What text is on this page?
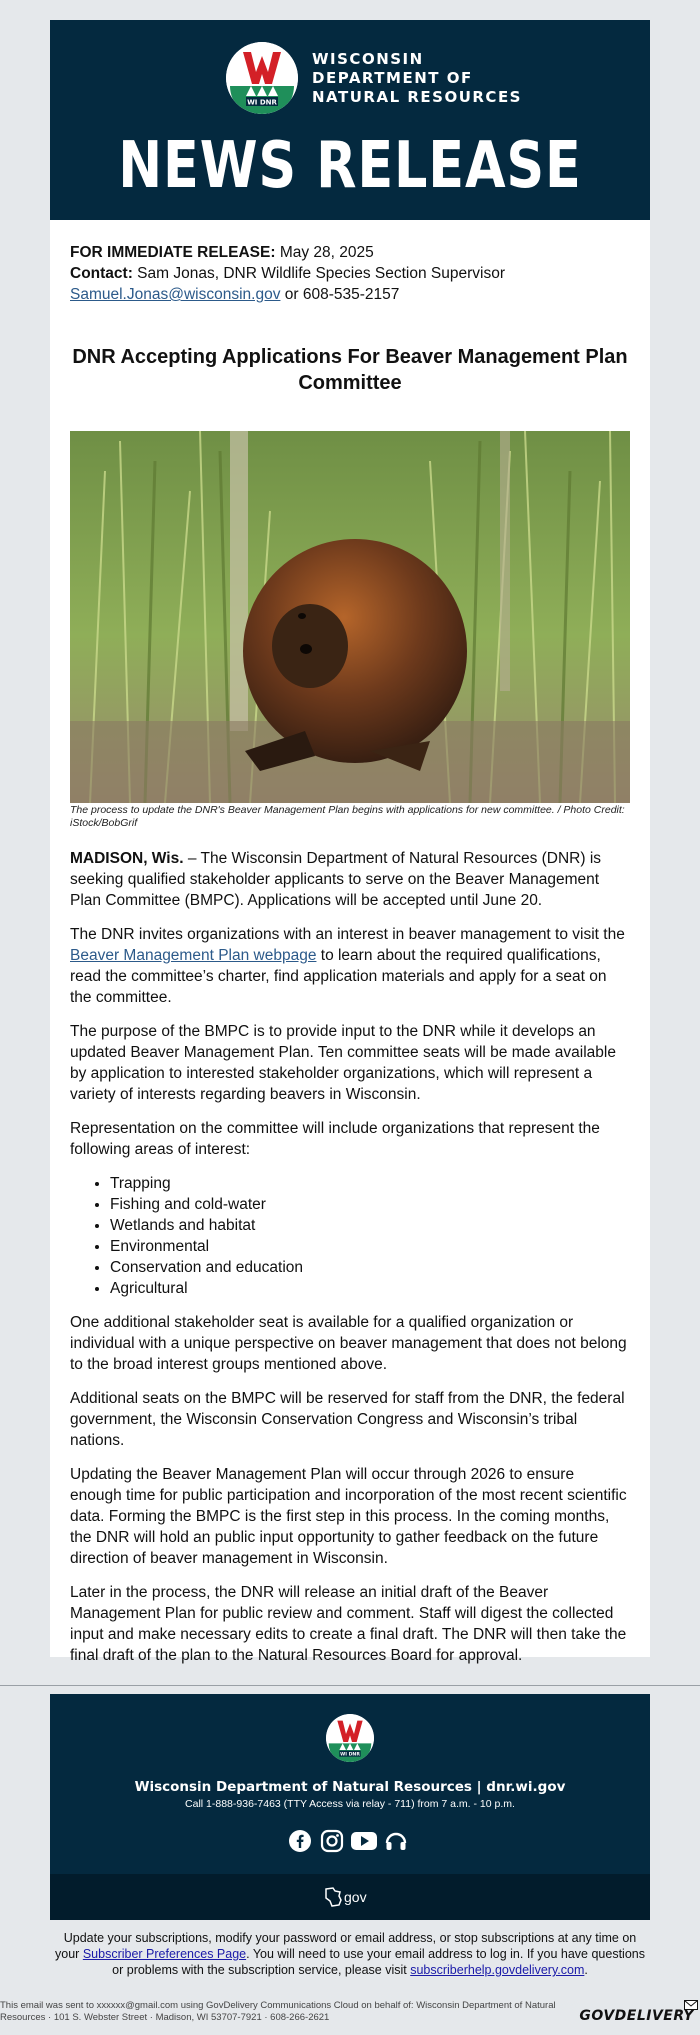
WI DNR
WISCONSIN
DEPARTMENT OF
NATURAL RESOURCES
NEWS RELEASE
FOR IMMEDIATE RELEASE: May 28, 2025
Contact: Sam Jonas, DNR Wildlife Species Section Supervisor
Samuel.Jonas@wisconsin.gov or 608-535-2157
DNR Accepting Applications For Beaver Management Plan Committee
The process to update the DNR's Beaver Management Plan begins with applications for new committee. / Photo Credit: iStock/BobGrif

MADISON, Wis. – The Wisconsin Department of Natural Resources (DNR) is seeking qualified stakeholder applicants to serve on the Beaver Management Plan Committee (BMPC). Applications will be accepted until June 20.

The DNR invites organizations with an interest in beaver management to visit the Beaver Management Plan webpage to learn about the required qualifications, read the committee’s charter, find application materials and apply for a seat on the committee.

The purpose of the BMPC is to provide input to the DNR while it develops an updated Beaver Management Plan. Ten committee seats will be made available by application to interested stakeholder organizations, which will represent a variety of interests regarding beavers in Wisconsin.

Representation on the committee will include organizations that represent the following areas of interest:

• Trapping
• Fishing and cold-water
• Wetlands and habitat
• Environmental
• Conservation and education
• Agricultural

One additional stakeholder seat is available for a qualified organization or individual with a unique perspective on beaver management that does not belong to the broad interest groups mentioned above.

Additional seats on the BMPC will be reserved for staff from the DNR, the federal government, the Wisconsin Conservation Congress and Wisconsin’s tribal nations.

Updating the Beaver Management Plan will occur through 2026 to ensure enough time for public participation and incorporation of the most recent scientific data. Forming the BMPC is the first step in this process. In the coming months, the DNR will hold an public input opportunity to gather feedback on the future direction of beaver management in Wisconsin.

Later in the process, the DNR will release an initial draft of the Beaver Management Plan for public review and comment. Staff will digest the collected input and make necessary edits to create a final draft. The DNR will then take the final draft of the plan to the Natural Resources Board for approval.

WI DNR
Wisconsin Department of Natural Resources | dnr.wi.gov
Call 1-888-936-7463 (TTY Access via relay - 711) from 7 a.m. - 10 p.m.
gov
Update your subscriptions, modify your password or email address, or stop subscriptions at any time on your Subscriber Preferences Page. You will need to use your email address to log in. If you have questions or problems with the subscription service, please visit subscriberhelp.govdelivery.com.
This email was sent to xxxxxx@gmail.com using GovDelivery Communications Cloud on behalf of: Wisconsin Department of Natural Resources · 101 S. Webster Street · Madison, WI 53707-7921 · 608-266-2621	GOVDELIVERY
